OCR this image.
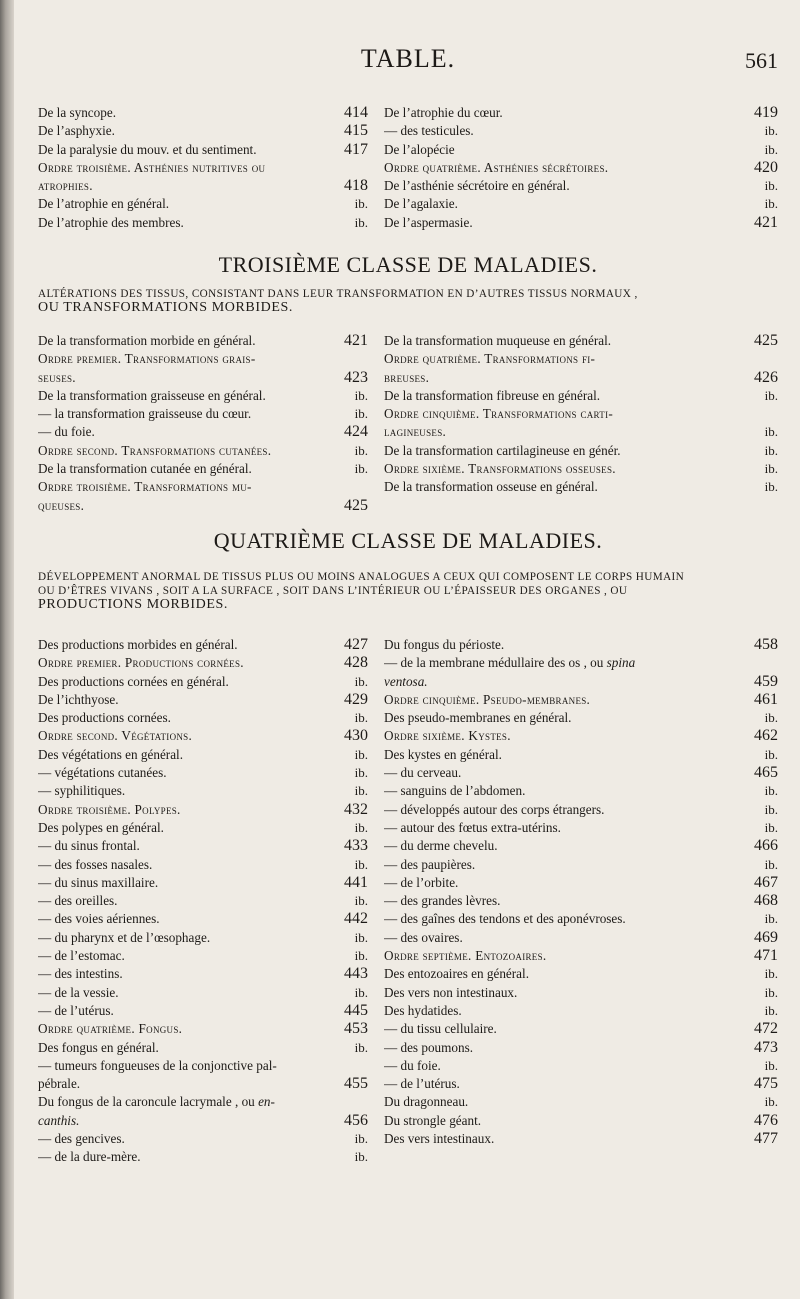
TABLE.	561
De la syncope.	414
De l’asphyxie.	415
De la paralysie du mouv. et du sentiment.	417
Ordre troisième. Asthénies nutritives ou
atrophies.	418
De l’atrophie en général.	ib.
De l’atrophie des membres.	ib.
De l’atrophie du cœur.	419
— des testicules.	ib.
De l’alopécie	ib.
Ordre quatrième. Asthénies sécrétoires.	420
De l’asthénie sécrétoire en général.	ib.
De l’agalaxie.	ib.
De l’aspermasie.	421
TROISIÈME CLASSE DE MALADIES.
ALTÉRATIONS DES TISSUS, CONSISTANT DANS LEUR TRANSFORMATION EN D’AUTRES TISSUS NORMAUX ,
OU TRANSFORMATIONS MORBIDES.
De la transformation morbide en général.	421
Ordre premier. Transformations grais-
seuses.	423
De la transformation graisseuse en général.	ib.
— la transformation graisseuse du cœur.	ib.
— du foie.	424
Ordre second. Transformations cutanées.	ib.
De la transformation cutanée en général.	ib.
Ordre troisième. Transformations mu-
queuses.	425
De la transformation muqueuse en général.	425
Ordre quatrième. Transformations fi-
breuses.	426
De la transformation fibreuse en général.	ib.
Ordre cinquième. Transformations carti-
lagineuses.	ib.
De la transformation cartilagineuse en génér.	ib.
Ordre sixième. Transformations osseuses.	ib.
De la transformation osseuse en général.	ib.
QUATRIÈME CLASSE DE MALADIES.
DÉVELOPPEMENT ANORMAL DE TISSUS PLUS OU MOINS ANALOGUES A CEUX QUI COMPOSENT LE CORPS HUMAIN
OU D’ÊTRES VIVANS , SOIT A LA SURFACE , SOIT DANS L’INTÉRIEUR OU L’ÉPAISSEUR DES ORGANES , OU
PRODUCTIONS MORBIDES.
Des productions morbides en général.	427
Ordre premier. Productions cornées.	428
Des productions cornées en général.	ib.
De l’ichthyose.	429
Des productions cornées.	ib.
Ordre second. Végétations.	430
Des végétations en général.	ib.
— végétations cutanées.	ib.
— syphilitiques.	ib.
Ordre troisième. Polypes.	432
Des polypes en général.	ib.
— du sinus frontal.	433
— des fosses nasales.	ib.
— du sinus maxillaire.	441
— des oreilles.	ib.
— des voies aériennes.	442
— du pharynx et de l’œsophage.	ib.
— de l’estomac.	ib.
— des intestins.	443
— de la vessie.	ib.
— de l’utérus.	445
Ordre quatrième. Fongus.	453
Des fongus en général.	ib.
— tumeurs fongueuses de la conjonctive pal-
pébrale.	455
Du fongus de la caroncule lacrymale , ou en-
canthis.	456
— des gencives.	ib.
— de la dure-mère.	ib.
Du fongus du périoste.	458
— de la membrane médullaire des os , ou spina
ventosa.	459
Ordre cinquième. Pseudo-membranes.	461
Des pseudo-membranes en général.	ib.
Ordre sixième. Kystes.	462
Des kystes en général.	ib.
— du cerveau.	465
— sanguins de l’abdomen.	ib.
— développés autour des corps étrangers.	ib.
— autour des fœtus extra-utérins.	ib.
— du derme chevelu.	466
— des paupières.	ib.
— de l’orbite.	467
— des grandes lèvres.	468
— des gaînes des tendons et des aponévroses.	ib.
— des ovaires.	469
Ordre septième. Entozoaires.	471
Des entozoaires en général.	ib.
Des vers non intestinaux.	ib.
Des hydatides.	ib.
— du tissu cellulaire.	472
— des poumons.	473
— du foie.	ib.
— de l’utérus.	475
Du dragonneau.	ib.
Du strongle géant.	476
Des vers intestinaux.	477
